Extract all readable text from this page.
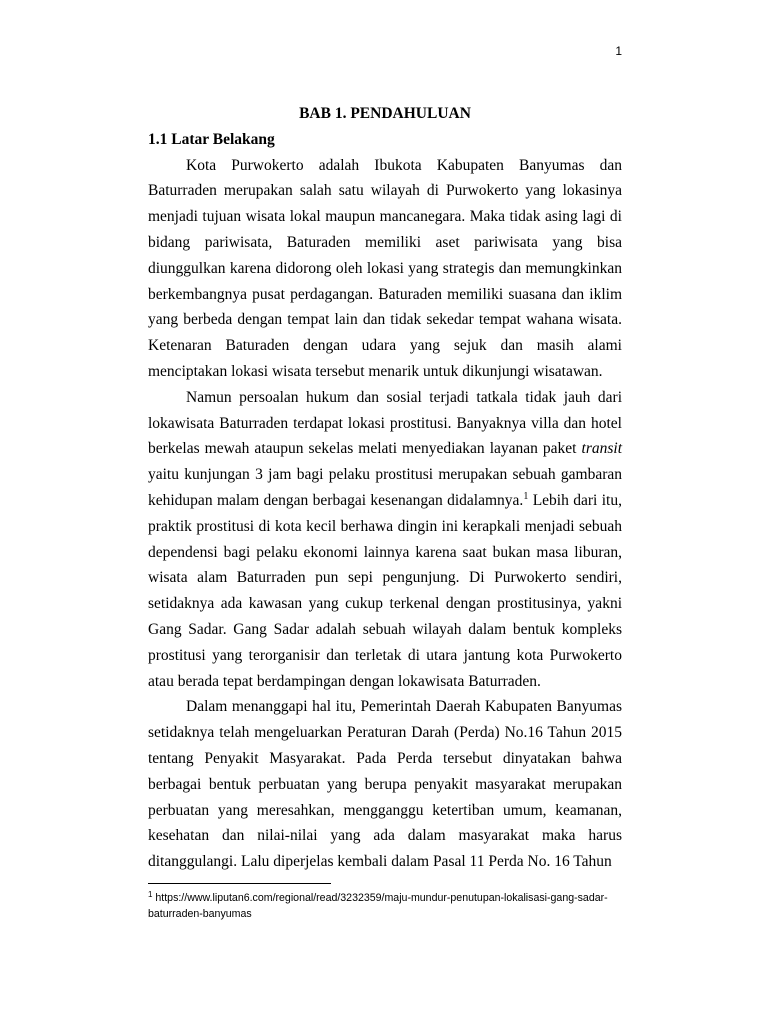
1
BAB 1. PENDAHULUAN
1.1 Latar Belakang

Kota Purwokerto adalah Ibukota Kabupaten Banyumas dan Baturraden merupakan salah satu wilayah di Purwokerto yang lokasinya menjadi tujuan wisata lokal maupun mancanegara. Maka tidak asing lagi di bidang pariwisata, Baturaden memiliki aset pariwisata yang bisa diunggulkan karena didorong oleh lokasi yang strategis dan memungkinkan berkembangnya pusat perdagangan. Baturaden memiliki suasana dan iklim yang berbeda dengan tempat lain dan tidak sekedar tempat wahana wisata. Ketenaran Baturaden dengan udara yang sejuk dan masih alami menciptakan lokasi wisata tersebut menarik untuk dikunjungi wisatawan.

Namun persoalan hukum dan sosial terjadi tatkala tidak jauh dari lokawisata Baturraden terdapat lokasi prostitusi. Banyaknya villa dan hotel berkelas mewah ataupun sekelas melati menyediakan layanan paket transit yaitu kunjungan 3 jam bagi pelaku prostitusi merupakan sebuah gambaran kehidupan malam dengan berbagai kesenangan didalamnya.$^1$ Lebih dari itu, praktik prostitusi di kota kecil berhawa dingin ini kerapkali menjadi sebuah dependensi bagi pelaku ekonomi lainnya karena saat bukan masa liburan, wisata alam Baturraden pun sepi pengunjung. Di Purwokerto sendiri, setidaknya ada kawasan yang cukup terkenal dengan prostitusinya, yakni Gang Sadar. Gang Sadar adalah sebuah wilayah dalam bentuk kompleks prostitusi yang terorganisir dan terletak di utara jantung kota Purwokerto atau berada tepat berdampingan dengan lokawisata Baturraden.

Dalam menanggapi hal itu, Pemerintah Daerah Kabupaten Banyumas setidaknya telah mengeluarkan Peraturan Darah (Perda) No.16 Tahun 2015 tentang Penyakit Masyarakat. Pada Perda tersebut dinyatakan bahwa berbagai bentuk perbuatan yang berupa penyakit masyarakat merupakan perbuatan yang meresahkan, mengganggu ketertiban umum, keamanan, kesehatan dan nilai-nilai yang ada dalam masyarakat maka harus ditanggulangi. Lalu diperjelas kembali dalam Pasal 11 Perda No. 16 Tahun

$^1$ https://www.liputan6.com/regional/read/3232359/maju-mundur-penutupan-lokalisasi-gang-sadar-baturraden-banyumas
